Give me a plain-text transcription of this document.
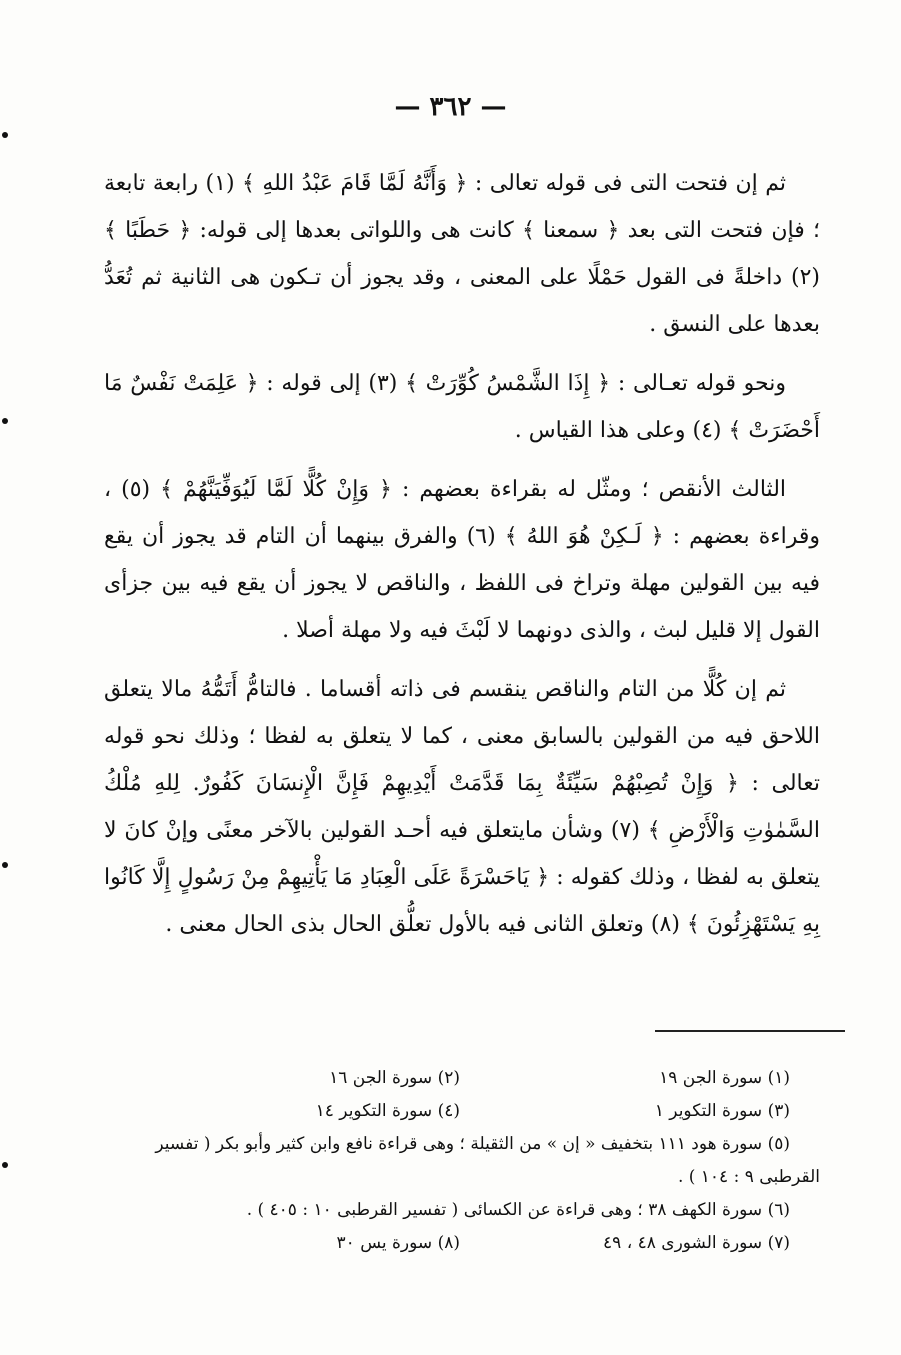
— ٣٦٢ —

ثم إن فتحت التى فى قوله تعالى : ﴿ وَأَنَّهُ لَمَّا قَامَ عَبْدُ اللهِ ﴾ (١) رابعة تابعة ؛ فإن فتحت التى بعد ﴿ سمعنا ﴾ كانت هى واللواتى بعدها إلى قوله: ﴿ حَطَبًا ﴾ (٢) داخلةً فى القول حَمْلًا على المعنى ، وقد يجوز أن تـكون هى الثانية ثم تُعَدُّ بعدها على النسق .

ونحو قوله تعـالى : ﴿ إِذَا الشَّمْسُ كُوِّرَتْ ﴾ (٣) إلى قوله : ﴿ عَلِمَتْ نَفْسٌ مَا أَحْضَرَتْ ﴾ (٤) وعلى هذا القياس .

الثالث الأنقص ؛ ومثّل له بقراءة بعضهم : ﴿ وَإِنْ كُلًّا لَمَّا لَيُوَفِّيَنَّهُمْ ﴾ (٥) ، وقراءة بعضهم : ﴿ لَـكِنْ هُوَ اللهُ ﴾ (٦) والفرق بينهما أن التام قد يجوز أن يقع فيه بين القولين مهلة وتراخ فى اللفظ ، والناقص لا يجوز أن يقع فيه بين جزأى القول إلا قليل لبث ، والذى دونهما لا لَبْثَ فيه ولا مهلة أصلا .

ثم إن كُلًّا من التام والناقص ينقسم فى ذاته أقساما . فالتامُّ أَتَمُّهُ مالا يتعلق اللاحق فيه من القولين بالسابق معنى ، كما لا يتعلق به لفظا ؛ وذلك نحو قوله تعالى : ﴿ وَإِنْ تُصِبْهُمْ سَيِّئَةٌ بِمَا قَدَّمَتْ أَيْدِيهِمْ فَإِنَّ الْإِنسَانَ كَفُورٌ. لِلهِ مُلْكُ السَّمٰوٰتِ وَالْأَرْضِ ﴾ (٧) وشأن مايتعلق فيه أحـد القولين بالآخر معنًى وإنْ كانَ لا يتعلق به لفظا ، وذلك كقوله : ﴿ يَاحَسْرَةً عَلَى الْعِبَادِ مَا يَأْتِيهِمْ مِنْ رَسُولٍ إِلَّا كَانُوا بِهِ يَسْتَهْزِئُونَ ﴾ (٨) وتعلق الثانى فيه بالأول تعلُّق الحال بذى الحال معنى .

(١) سورة الجن ١٩
(٢) سورة الجن ١٦
(٣) سورة التكوير ١
(٤) سورة التكوير ١٤
(٥) سورة هود ١١١ بتخفيف « إن » من الثقيلة ؛ وهى قراءة نافع وابن كثير وأبو بكر ( تفسير
القرطبى ٩ : ١٠٤ ) .
(٦) سورة الكهف ٣٨ ؛ وهى قراءة عن الكسائى ( تفسير القرطبى ١٠ : ٤٠٥ ) .
(٧) سورة الشورى ٤٨ ، ٤٩
(٨) سورة يس ٣٠
